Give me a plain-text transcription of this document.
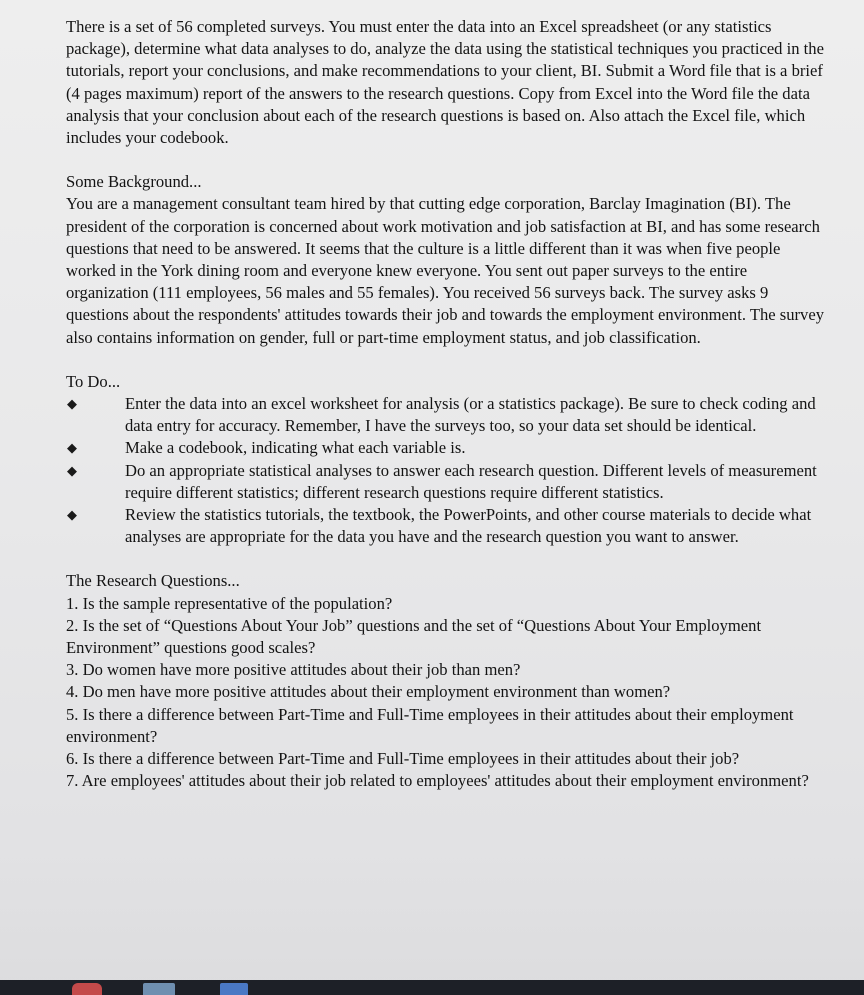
There is a set of 56 completed surveys. You must enter the data into an Excel spreadsheet (or any statistics package), determine what data analyses to do, analyze the data using the statistical techniques you practiced in the tutorials, report your conclusions, and make recommendations to your client, BI. Submit a Word file that is a brief (4 pages maximum) report of the answers to the research questions. Copy from Excel into the Word file the data analysis that your conclusion about each of the research questions is based on. Also attach the Excel file, which includes your codebook.

Some Background...

You are a management consultant team hired by that cutting edge corporation, Barclay Imagination (BI). The president of the corporation is concerned about work motivation and job satisfaction at BI, and has some research questions that need to be answered. It seems that the culture is a little different than it was when five people worked in the York dining room and everyone knew everyone. You sent out paper surveys to the entire organization (111 employees, 56 males and 55 females). You received 56 surveys back. The survey asks 9 questions about the respondents' attitudes towards their job and towards the employment environment. The survey also contains information on gender, full or part-time employment status, and job classification.

To Do...

◆	Enter the data into an excel worksheet for analysis (or a statistics package). Be sure to check coding and data entry for accuracy. Remember, I have the surveys too, so your data set should be identical.
◆	Make a codebook, indicating what each variable is.
◆	Do an appropriate statistical analyses to answer each research question. Different levels of measurement require different statistics; different research questions require different statistics.
◆	Review the statistics tutorials, the textbook, the PowerPoints, and other course materials to decide what analyses are appropriate for the data you have and the research question you want to answer.

The Research Questions...

1. Is the sample representative of the population?
2. Is the set of “Questions About Your Job” questions and the set of “Questions About Your Employment Environment” questions good scales?
3. Do women have more positive attitudes about their job than men?
4. Do men have more positive attitudes about their employment environment than women?
5. Is there a difference between Part-Time and Full-Time employees in their attitudes about their employment environment?
6. Is there a difference between Part-Time and Full-Time employees in their attitudes about their job?
7. Are employees' attitudes about their job related to employees' attitudes about their employment environment?
